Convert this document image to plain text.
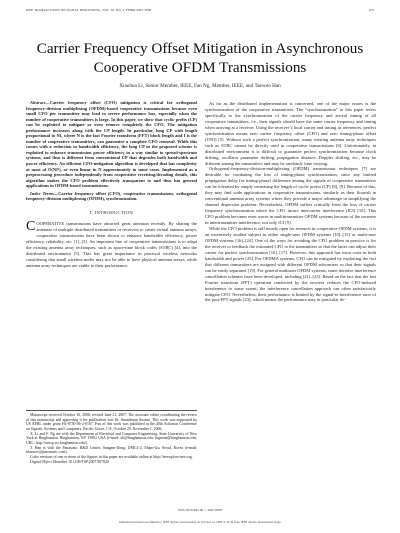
IEEE TRANSACTIONS ON SIGNAL PROCESSING, VOL. 56, NO. 2, FEBRUARY 2008	675
Carrier Frequency Offset Mitigation in Asynchronous Cooperative OFDM Transmissions
Xiaohua Li, Senior Member, IEEE, Fan Ng, Member, IEEE, and Taewoo Han

Abstract—Carrier frequency offset (CFO) mitigation is critical for orthogonal frequency-division multiplexing (OFDM)-based cooperative transmissions because even small CFO per transmitter may lead to severe performance loss, especially when the number of cooperative transmitters is large. In this paper, we show that cyclic prefix (CP) can be exploited to mitigate or even remove completely the CFO. The mitigation performance increases along with the CP length. In particular, long CP with length proportional to NI, where N is the fast Fourier transform (FFT) block length and I is the number of cooperative transmitters, can guarantee a complete CFO removal. While this comes with a reduction in bandwidth efficiency, the long CP in the proposed scheme is exploited to enhance transmission power efficiency in a way similar to spread-spectrum systems, and thus is different from conventional CP that degrades both bandwidth and power efficiency. An efficient CFO-mitigation algorithm is developed that has complexity at most of O(NI²), or even linear in N approximately in some cases. Implemented as a preprocessing procedure independently from cooperative receiving/decoding details, this algorithm makes the CFO problem effectively transparent to and thus has general applications in OFDM-based transmissions.

Index Terms—Carrier frequency offset (CFO), cooperative transmissions, orthogonal frequency-division multiplexing (OFDM), synchronization.

I. INTRODUCTION

COOPERATIVE transmissions have attracted great attention recently. By sharing the antennas of multiple distributed transmitters or receivers to create virtual antenna arrays, cooperative transmissions have been shown to enhance bandwidth efficiency, power efficiency, reliability, etc. [1]–[3]. An important line of cooperative transmissions is to adapt the existing antenna array techniques, such as space-time block codes (STBC) [4], into the distributed environment [5]. This has great importance in practical wireless networks considering that small wireless nodes may not be able to have physical antenna arrays, while antenna array techniques are viable to their performance.

Manuscript received October 16, 2006; revised June 21, 2007. The associate editor coordinating the review of this manuscript and approving it for publication was Dr. Ananthram Swami. This work was supported by US AFRL under grant FA-8750-06-2-0167. Part of this work was published in the 40th Asilomar Conference on Signals, Systems and Computers, Pacific Grove, CA, October 29–November 1, 2006.

X. Li and F. Ng are with the Department of Electrical and Computer Engineering, State University of New York at Binghamton, Binghamton, NY 13902 USA (e-mail: xli@binghamton.edu; fngnone@binghamton.edu; URL: http://ucesp.ws.binghamton.edu/).

T. Han is with the Panasonic R&D Center, Sangam-Dong, DMC1-2, Mapo-Gu, Seoul, Korea (e-mail: htaewoo@panasonic.com).

Color versions of one or more of the figures in this paper are available online at http://ieeexplore.ieee.org.

Digital Object Identifier 10.1109/TSP.2007.907820

As far as the distributed implementation is concerned, one of the major issues is the synchronization of the cooperative transmitters. The “synchronization” in this paper refers specifically to the synchronization of the carrier frequency and arrival timing of all cooperative transmitters, i.e., their signals should have the same carrier frequency and timing when arriving at a receiver. Using the receiver’s local carrier and timing as references, perfect synchronization means zero carrier frequency offset (CFO) and zero timing-phase offset (TPO) [5]. Without such a perfect synchronization, many existing antenna array techniques such as STBC cannot be directly used in cooperative transmissions [6]. Unfortunately, in distributed environment it is difficult to guarantee perfect synchronization because clock drifting, oscillator parameter drifting, propagation distance, Doppler shifting, etc., may be different among the transmitters and may be randomly time varying.

Orthogonal-frequency-division-multiplexing (OFDM) transmission techniques [7] are desirable for combating the loss of timing-phase synchronization, since any limited propagation delay (or timing-phase) difference among the signals of cooperative transmitters can be tolerated by simply increasing the length of cyclic prefix (CP) [8], [9]. Because of this, they may find wide applications in cooperative transmissions, similarly as their flourish in conventional antenna array systems where they provide a major advantage in simplifying the channel dispersion problem. Nevertheless, OFDM suffers critically from the loss of carrier frequency synchronization where the CFO incurs intercarrier interference (ICI) [10]. This CFO problem becomes even worse in multitransmitter OFDM systems because of the increase in intertransmitter interference, not only ICI [9].

While the CFO problem is still mostly open for research in cooperative OFDM systems, it is an extensively studied subject in either single-user OFDM systems [10]–[15] or multi-user OFDM systems [16]–[24]. One of the ways for avoiding the CFO problem in practice is for the receiver to feedback the estimated CFO to the transmitters so that the latter can adjust their carrier for perfect synchronization [16], [17]. However, this approach has extra costs in both bandwidth and power [25]. For OFDMA systems, CFO can be mitigated by exploiting the fact that different transmitters are assigned with different OFDM subcarriers so that their signals can be easily separated [19]. For general multiuser OFDM systems, some iterative interference cancellation schemes have been developed, including [21]–[23]. Based on the fact that the fast Fourier transform (FFT) operation conducted by the receiver reduces the CFO-induced interference to some extent, the interference cancellation approach can often satisfactorily mitigate CFO. Nevertheless, their performance is limited by the signal-to-interference ratio of the post-FFT signals [23], which means the performance may in particular de-

1053-587X/$25.00 © 2007 IEEE
Authorized licensed use limited to: IEEE Xplore. Downloaded on October 14, 2008 at 16:36 from IEEE Xplore. Restrictions apply.
